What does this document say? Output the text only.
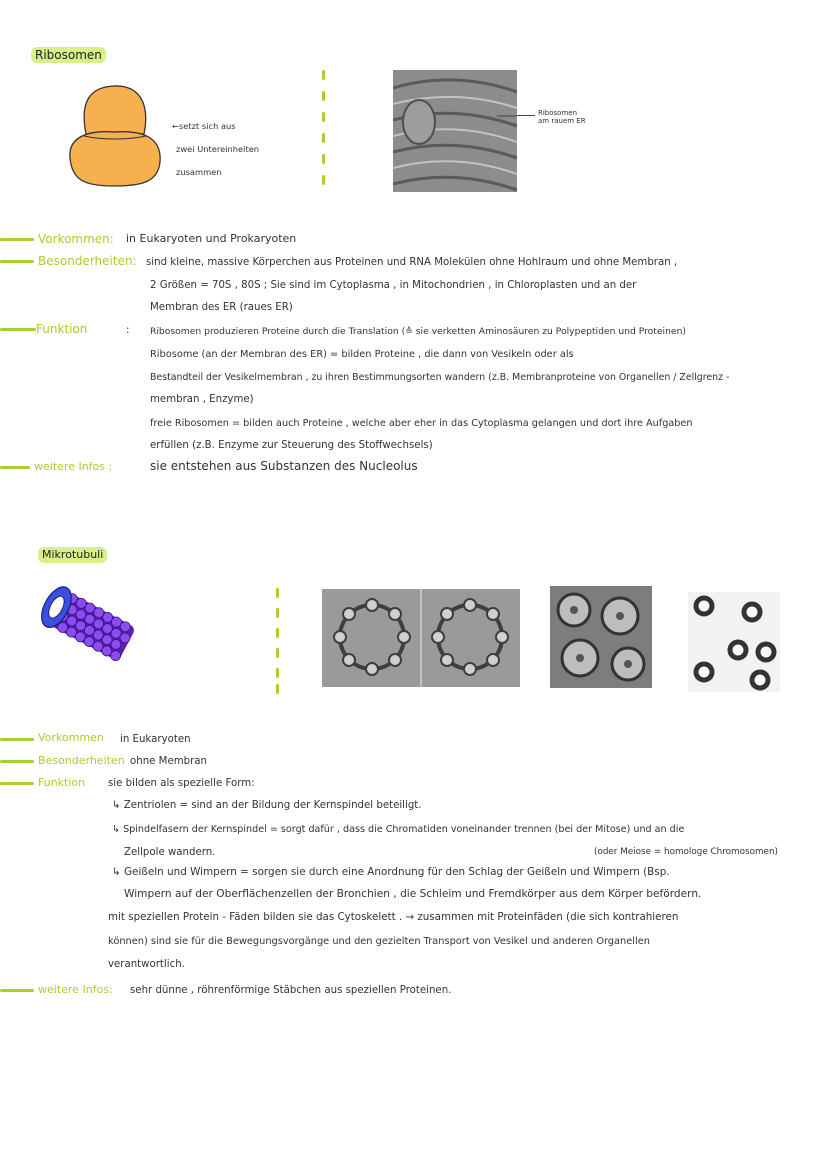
Ribosomen
←setzt sich aus
zwei Untereinheiten
zusammen
Ribosomen
am rauem ER
Vorkommen: in Eukaryoten und Prokaryoten
Besonderheiten: sind kleine, massive Körperchen aus Proteinen und RNA Molekülen ohne Hohlraum und ohne Membran ,
2 Größen = 70S , 80S ; Sie sind im Cytoplasma , in Mitochondrien , in Chloroplasten und an der
Membran des ER (raues ER)
Funktion	: Ribosomen produzieren Proteine durch die Translation (≙ sie verketten Aminosäuren zu Polypeptiden und Proteinen)
Ribosome (an der Membran des ER) = bilden Proteine , die dann von Vesikeln oder als
Bestandteil der Vesikelmembran , zu ihren Bestimmungsorten wandern (z.B. Membranproteine von Organellen / Zellgrenz -
membran , Enzyme)
freie Ribosomen = bilden auch Proteine , welche aber eher in das Cytoplasma gelangen und dort ihre Aufgaben
erfüllen (z.B. Enzyme zur Steuerung des Stoffwechsels)
weitere Infos :	sie entstehen aus Substanzen des Nucleolus
Mikrotubuli
Vorkommen in Eukaryoten
Besonderheiten ohne Membran
Funktion sie bilden als spezielle Form:
↳ Zentriolen = sind an der Bildung der Kernspindel beteiligt.
↳ Spindelfasern der Kernspindel = sorgt dafür , dass die Chromatiden voneinander trennen (bei der Mitose) und an die
Zellpole wandern.	(oder Meiose = homologe Chromosomen)
↳ Geißeln und Wimpern = sorgen sie durch eine Anordnung für den Schlag der Geißeln und Wimpern (Bsp.
Wimpern auf der Oberflächenzellen der Bronchien , die Schleim und Fremdkörper aus dem Körper befördern.
mit speziellen Protein - Fäden bilden sie das Cytoskelett . → zusammen mit Proteinfäden (die sich kontrahieren
können) sind sie für die Bewegungsvorgänge und den gezielten Transport von Vesikel und anderen Organellen
verantwortlich.
weitere Infos: sehr dünne , röhrenförmige Stäbchen aus speziellen Proteinen.
